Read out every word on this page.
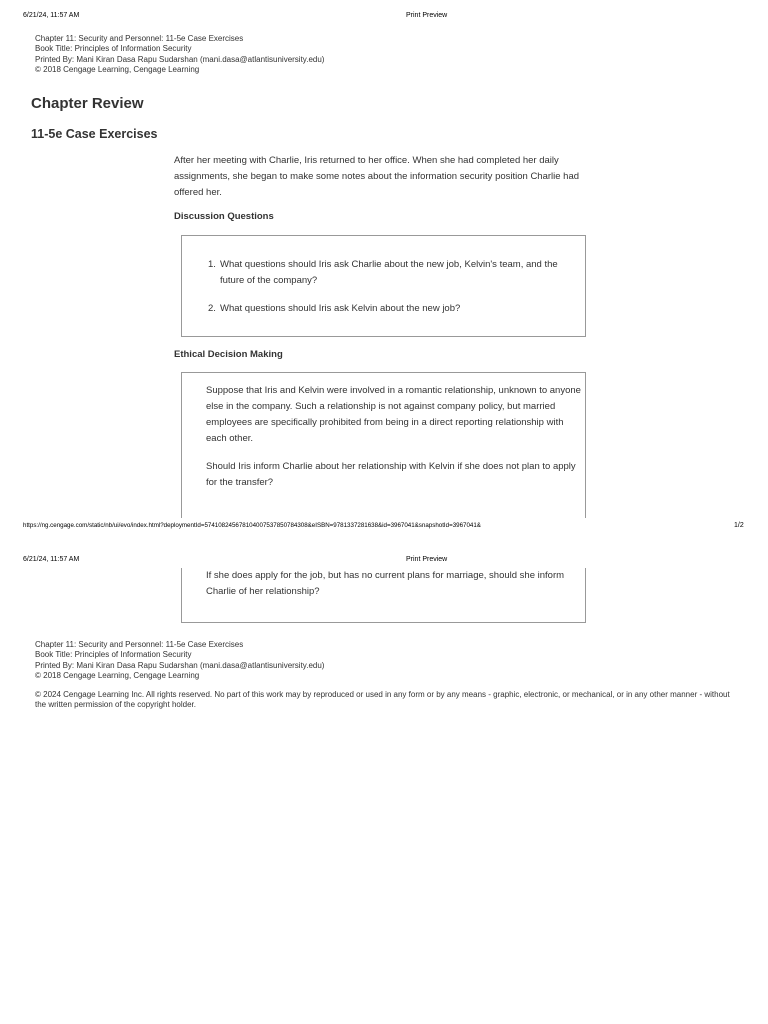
6/21/24, 11:57 AM	Print Preview
Chapter 11: Security and Personnel: 11-5e Case Exercises
Book Title: Principles of Information Security
Printed By: Mani Kiran Dasa Rapu Sudarshan (mani.dasa@atlantisuniversity.edu)
© 2018 Cengage Learning, Cengage Learning
Chapter Review
11-5e Case Exercises
After her meeting with Charlie, Iris returned to her office. When she had completed her daily assignments, she began to make some notes about the information security position Charlie had offered her.
Discussion Questions
1. What questions should Iris ask Charlie about the new job, Kelvin's team, and the future of the company?
2. What questions should Iris ask Kelvin about the new job?
Ethical Decision Making
Suppose that Iris and Kelvin were involved in a romantic relationship, unknown to anyone else in the company. Such a relationship is not against company policy, but married employees are specifically prohibited from being in a direct reporting relationship with each other.
Should Iris inform Charlie about her relationship with Kelvin if she does not plan to apply for the transfer?
https://ng.cengage.com/static/nb/ui/evo/index.html?deploymentId=574108245678104007537850784308&eISBN=9781337281638&id=3967041&snapshotId=3967041&	1/2
6/21/24, 11:57 AM	Print Preview
If she does apply for the job, but has no current plans for marriage, should she inform Charlie of her relationship?
Chapter 11: Security and Personnel: 11-5e Case Exercises
Book Title: Principles of Information Security
Printed By: Mani Kiran Dasa Rapu Sudarshan (mani.dasa@atlantisuniversity.edu)
© 2018 Cengage Learning, Cengage Learning
© 2024 Cengage Learning Inc. All rights reserved. No part of this work may by reproduced or used in any form or by any means - graphic, electronic, or mechanical, or in any other manner - without the written permission of the copyright holder.
